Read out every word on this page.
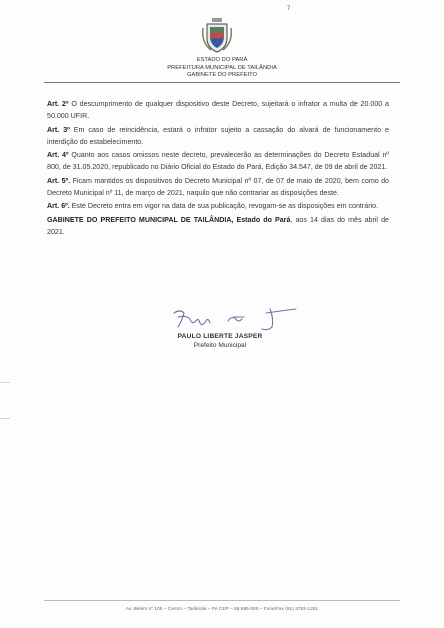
7
ESTADO DO PARÁ
PREFEITURA MUNICIPAL DE TAILÂNDIA
GABINETE DO PREFEITO
Art. 2º O descumprimento de qualquer dispositivo deste Decreto, sujeitará o infrator a multa de 20.000 a 50.000 UFIR.
Art. 3º Em caso de reincidência, estará o infrator sujeito a cassação do alvará de funcionamento e interdição do estabelecimento.
Art. 4º Quanto aos casos omissos neste decreto, prevalecerão as determinações do Decreto Estadual nº 800, de 31.05.2020, republicado no Diário Oficial do Estado do Pará, Edição 34.547, de 09 de abril de 2021.
Art. 5º. Ficam mantidos os dispositivos do Decreto Municipal nº 07, de 07 de maio de 2020, bem como do Decreto Municipal nº 11, de março de 2021, naquilo que não contrariar as disposições deste.
Art. 6º. Este Decreto entra em vigor na data de sua publicação, revogam-se as disposições em contrário.
GABINETE DO PREFEITO MUNICIPAL DE TAILÂNDIA, Estado do Pará, aos 14 dias do mês abril de 2021.
PAULO LIBERTE JASPER
Prefeito Municipal
Av. Belém nº 105 – Centro – Tailândia – PA CEP – 68.695-000 – Fone/Fax (91) 3752-1251
